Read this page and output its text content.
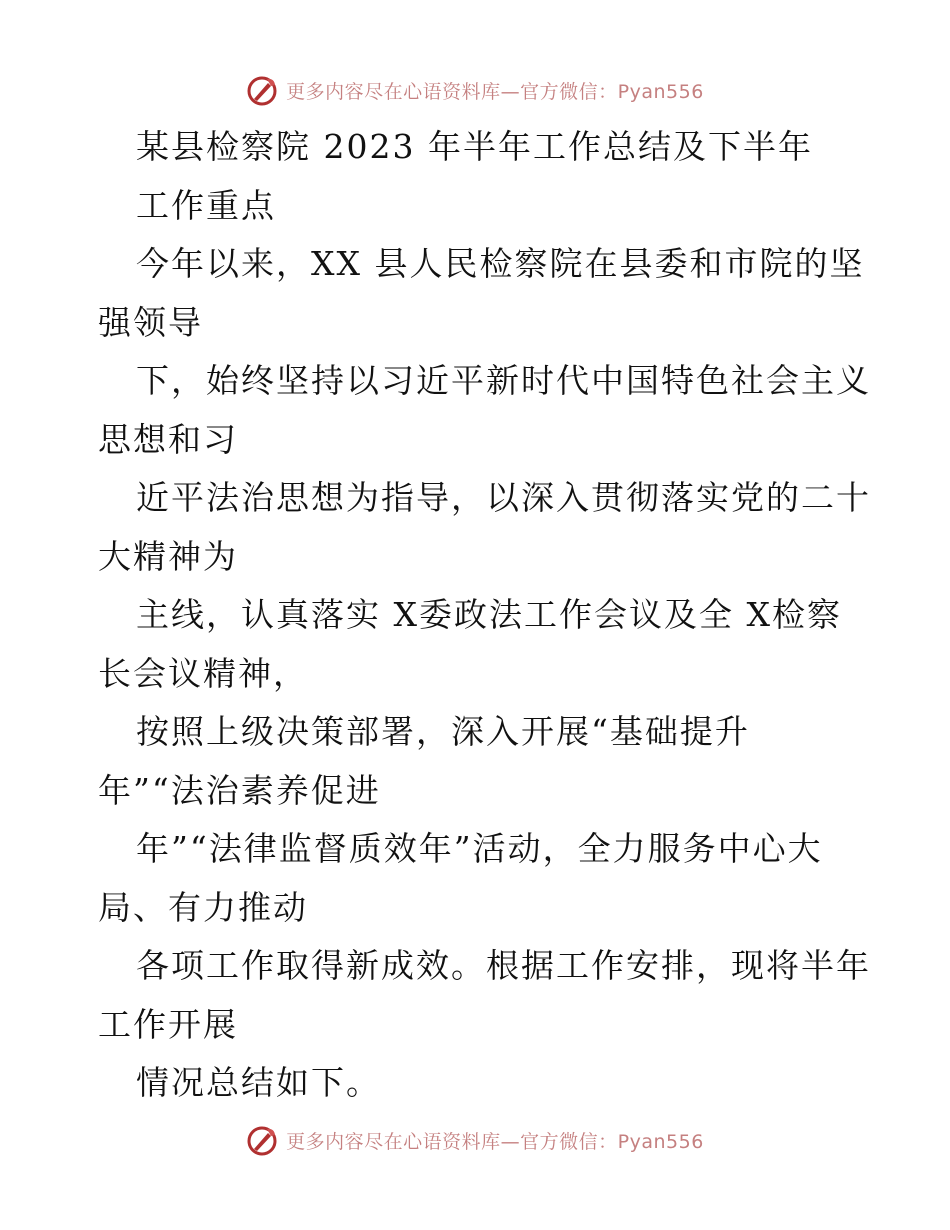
更多内容尽在心语资料库—官方微信：Pyan556
某县检察院 2023 年半年工作总结及下半年
工作重点
今年以来，XX 县人民检察院在县委和市院的坚
强领导
下，始终坚持以习近平新时代中国特色社会主义
思想和习
近平法治思想为指导，以深入贯彻落实党的二十
大精神为
主线，认真落实 X委政法工作会议及全 X检察
长会议精神，
按照上级决策部署，深入开展“基础提升
年”“法治素养促进
年”“法律监督质效年”活动，全力服务中心大
局、有力推动
各项工作取得新成效。根据工作安排，现将半年
工作开展
情况总结如下。
更多内容尽在心语资料库—官方微信：Pyan556
